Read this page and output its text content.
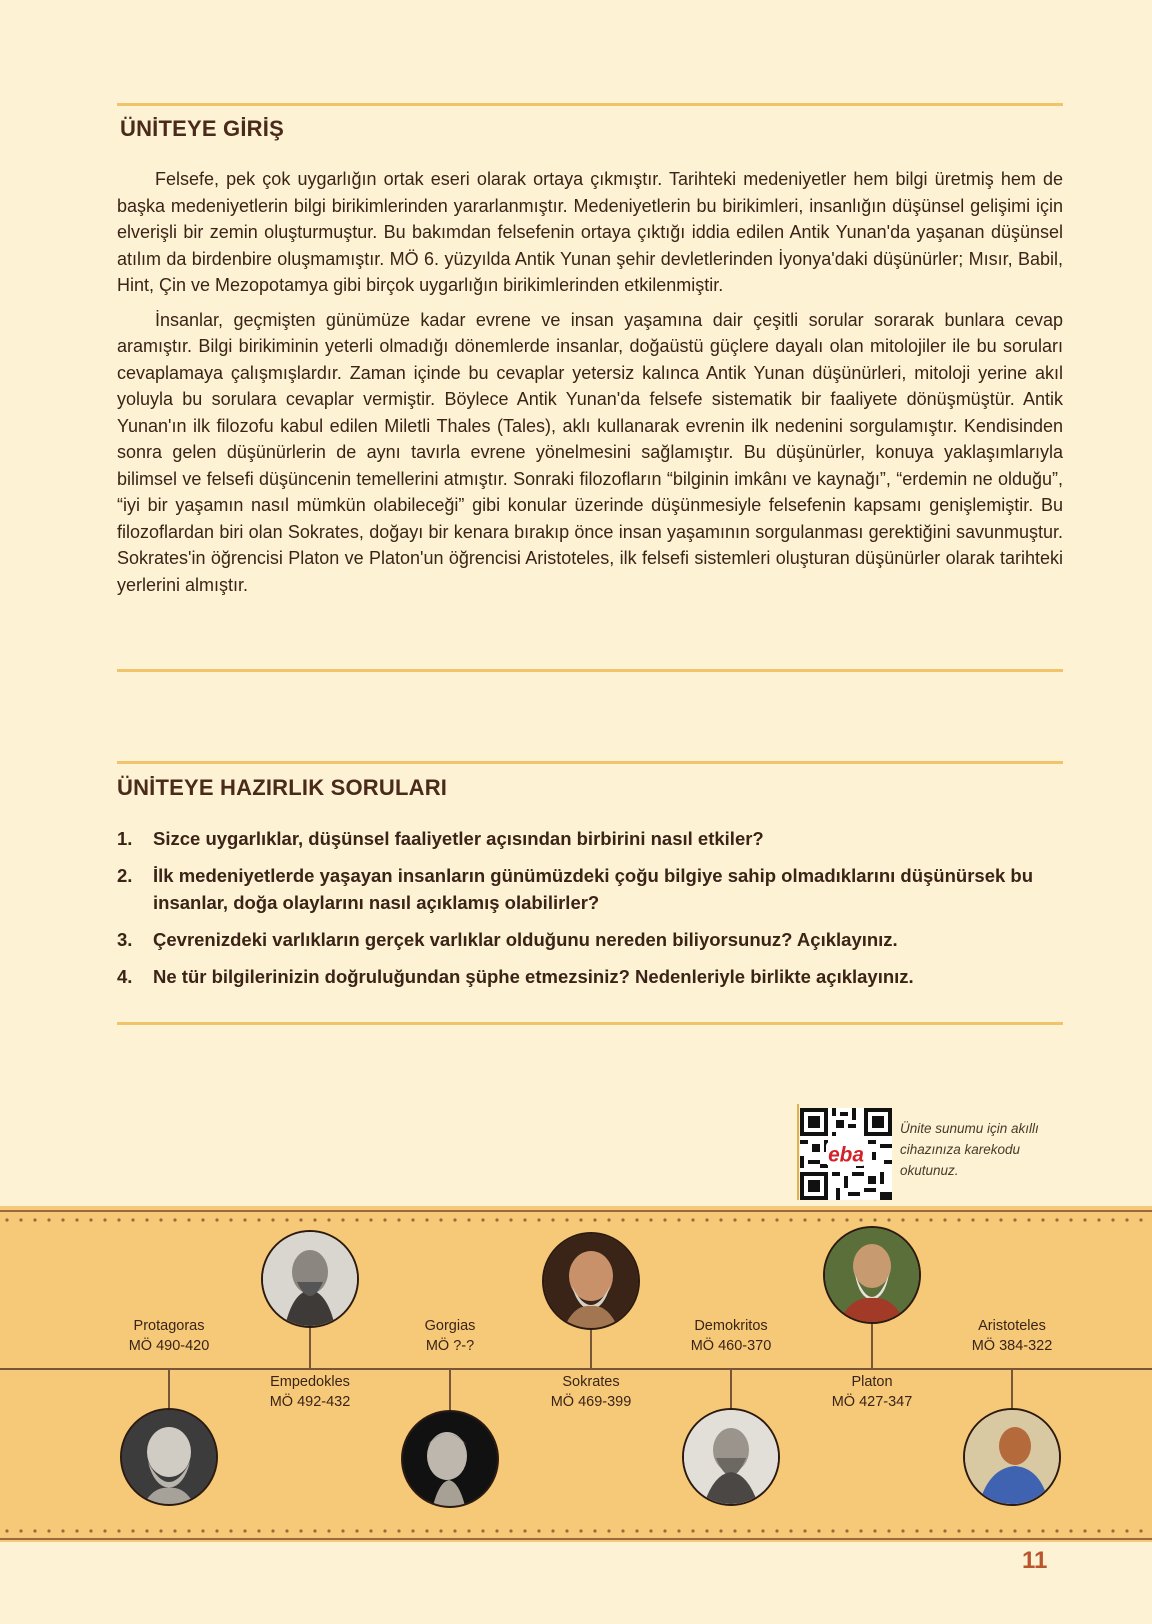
ÜNİTEYE GİRİŞ

Felsefe, pek çok uygarlığın ortak eseri olarak ortaya çıkmıştır. Tarihteki medeniyetler hem bilgi üretmiş hem de başka medeniyetlerin bilgi birikimlerinden yararlanmıştır. Medeniyetlerin bu birikimleri, insanlığın düşünsel gelişimi için elverişli bir zemin oluşturmuştur. Bu bakımdan felsefenin ortaya çıktığı iddia edilen Antik Yunan'da yaşanan düşünsel atılım da birdenbire oluşmamıştır. MÖ 6. yüzyılda Antik Yunan şehir devletlerinden İyonya'daki düşünürler; Mısır, Babil, Hint, Çin ve Mezopotamya gibi birçok uygarlığın birikimlerinden etkilenmiştir.

İnsanlar, geçmişten günümüze kadar evrene ve insan yaşamına dair çeşitli sorular sorarak bunlara cevap aramıştır. Bilgi birikiminin yeterli olmadığı dönemlerde insanlar, doğaüstü güçlere dayalı olan mitolojiler ile bu soruları cevaplamaya çalışmışlardır. Zaman içinde bu cevaplar yetersiz kalınca Antik Yunan düşünürleri, mitoloji yerine akıl yoluyla bu sorulara cevaplar vermiştir. Böylece Antik Yunan'da felsefe sistematik bir faaliyete dönüşmüştür. Antik Yunan'ın ilk filozofu kabul edilen Miletli Thales (Tales), aklı kullanarak evrenin ilk nedenini sorgulamıştır. Kendisinden sonra gelen düşünürlerin de aynı tavırla evrene yönelmesini sağlamıştır. Bu düşünürler, konuya yaklaşımlarıyla bilimsel ve felsefi düşüncenin temellerini atmıştır. Sonraki filozofların “bilginin imkânı ve kaynağı”, “erdemin ne olduğu”, “iyi bir yaşamın nasıl mümkün olabileceği” gibi konular üzerinde düşünmesiyle felsefenin kapsamı genişlemiştir. Bu filozoflardan biri olan Sokrates, doğayı bir kenara bırakıp önce insan yaşamının sorgulanması gerektiğini savunmuştur. Sokrates'in öğrencisi Platon ve Platon'un öğrencisi Aristoteles, ilk felsefi sistemleri oluşturan düşünürler olarak tarihteki yerlerini almıştır.

ÜNİTEYE HAZIRLIK SORULARI
1.	Sizce uygarlıklar, düşünsel faaliyetler açısından birbirini nasıl etkiler?
2.	İlk medeniyetlerde yaşayan insanların günümüzdeki çoğu bilgiye sahip olmadıklarını düşünürsek bu insanlar, doğa olaylarını nasıl açıklamış olabilirler?
3.	Çevrenizdeki varlıkların gerçek varlıklar olduğunu nereden biliyorsunuz? Açıklayınız.
4.	Ne tür bilgilerinizin doğruluğundan şüphe etmezsiniz? Nedenleriyle birlikte açıklayınız.
eba
Ünite sunumu için akıllı cihazınıza karekodu okutunuz.
Protagoras
MÖ 490-420
Empedokles
MÖ 492-432
Gorgias
MÖ ?-?
Sokrates
MÖ 469-399
Demokritos
MÖ 460-370
Platon
MÖ 427-347
Aristoteles
MÖ 384-322
11
